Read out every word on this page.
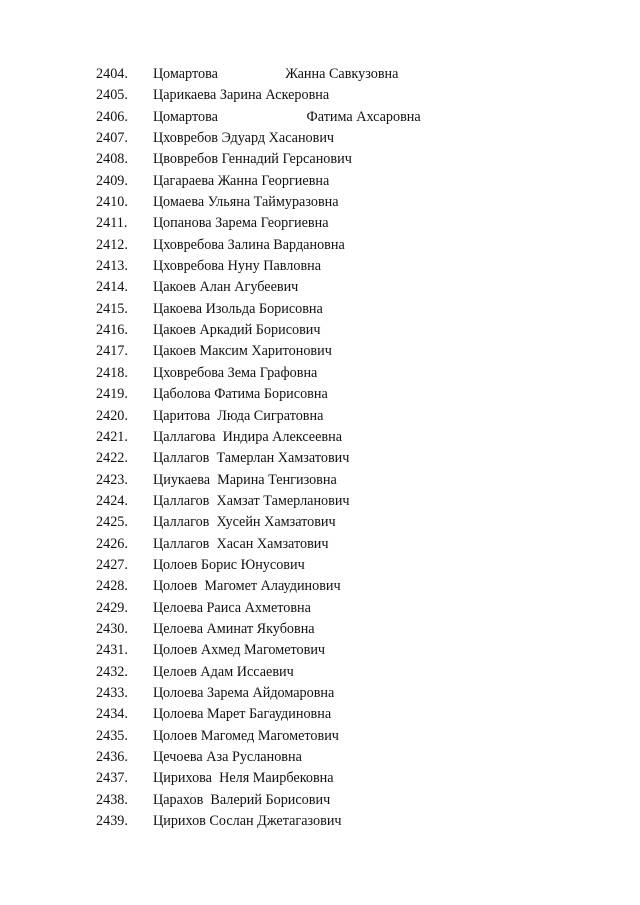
2404. Цомартова                   Жанна Савкузовна
2405. Царикаева Зарина Аскеровна
2406. Цомартова                         Фатима Ахсаровна
2407. Цховребов Эдуард Хасанович
2408. Цвовребов Геннадий Герсанович
2409. Цагараева Жанна Георгиевна
2410. Цомаева Ульяна Таймуразовна
2411. Цопанова Зарема Георгиевна
2412. Цховребова Залина Вардановна
2413. Цховребова Нуну Павловна
2414. Цакоев Алан Агубеевич
2415. Цакоева Изольда Борисовна
2416. Цакоев Аркадий Борисович
2417. Цакоев Максим Харитонович
2418. Цховребова Зема Графовна
2419. Цаболова Фатима Борисовна
2420. Царитова  Люда Сигратовна
2421. Цаллагова  Индира Алексеевна
2422. Цаллагов  Тамерлан Хамзатович
2423. Циукаева  Марина Тенгизовна
2424. Цаллагов  Хамзат Тамерланович
2425. Цаллагов  Хусейн Хамзатович
2426. Цаллагов  Хасан Хамзатович
2427. Цолоев Борис Юнусович
2428. Цолоев  Магомет Алаудинович
2429. Целоева Раиса Ахметовна
2430. Целоева Аминат Якубовна
2431. Цолоев Ахмед Магометович
2432. Целоев Адам Иссаевич
2433. Цолоева Зарема Айдомаровна
2434. Цолоева Марет Багаудиновна
2435. Цолоев Магомед Магометович
2436. Цечоева Аза Руслановна
2437. Цирихова  Неля Маирбековна
2438. Царахов  Валерий Борисович
2439. Цирихов Сослан Джетагазович
